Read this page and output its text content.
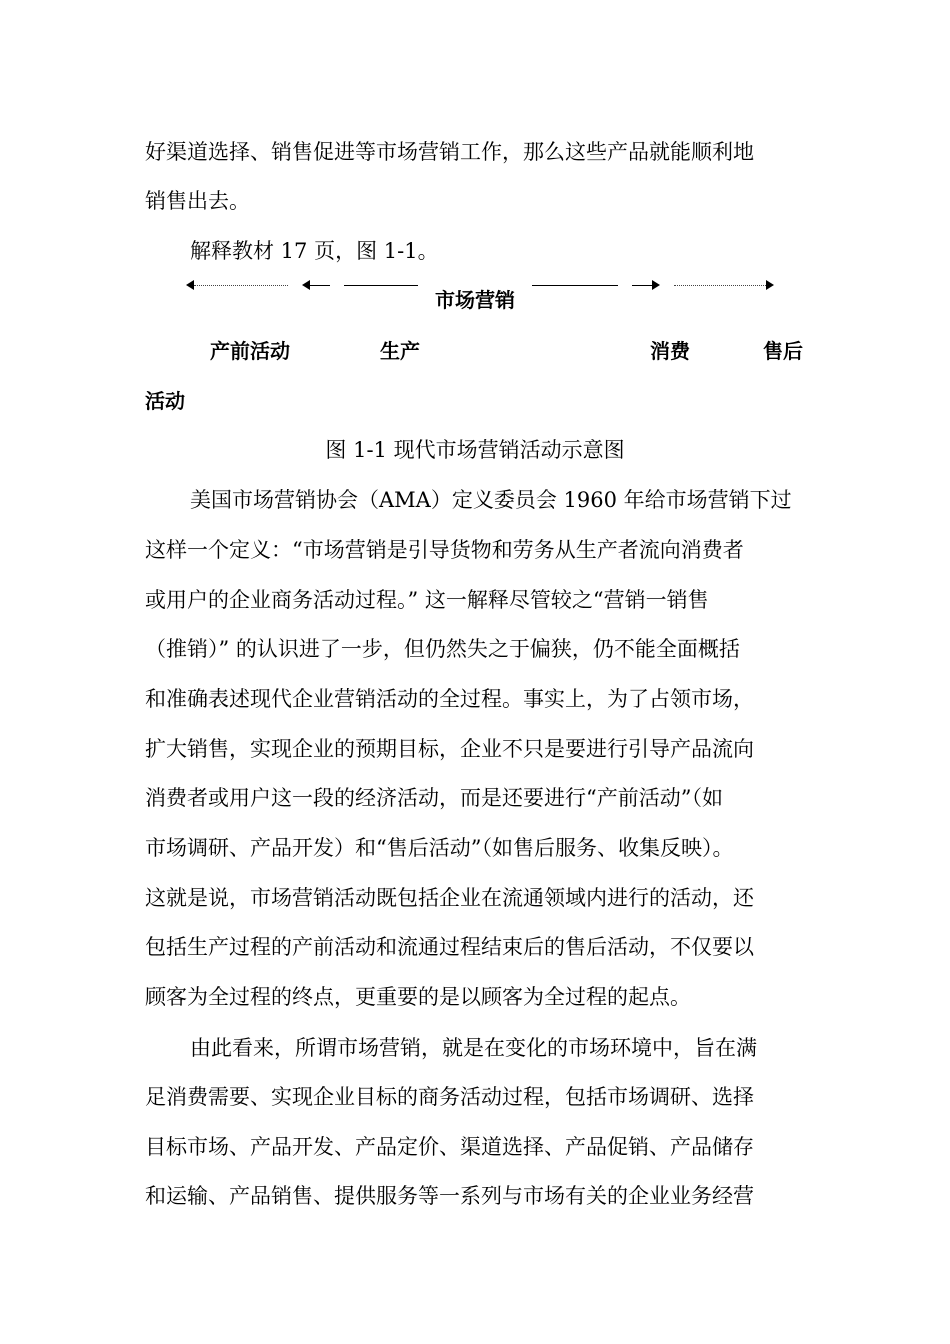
好渠道选择、销售促进等市场营销工作，那么这些产品就能顺利地
销售出去。
解释教材 17 页，图 1-1。
市场营销
产前活动	生产	消费	售后
活动
图 1-1 现代市场营销活动示意图
美国市场营销协会（AMA）定义委员会 1960 年给市场营销下过
这样一个定义：“市场营销是引导货物和劳务从生产者流向消费者
或用户的企业商务活动过程。” 这一解释尽管较之“营销一销售
（推销）” 的认识进了一步，但仍然失之于偏狭，仍不能全面概括
和准确表述现代企业营销活动的全过程。事实上，为了占领市场，
扩大销售，实现企业的预期目标，企业不只是要进行引导产品流向
消费者或用户这一段的经济活动，而是还要进行“产前活动”（如
市场调研、产品开发）和“售后活动”（如售后服务、收集反映）。
这就是说，市场营销活动既包括企业在流通领域内进行的活动，还
包括生产过程的产前活动和流通过程结束后的售后活动，不仅要以
顾客为全过程的终点，更重要的是以顾客为全过程的起点。
由此看来，所谓市场营销，就是在变化的市场环境中，旨在满
足消费需要、实现企业目标的商务活动过程，包括市场调研、选择
目标市场、产品开发、产品定价、渠道选择、产品促销、产品储存
和运输、产品销售、提供服务等一系列与市场有关的企业业务经营
